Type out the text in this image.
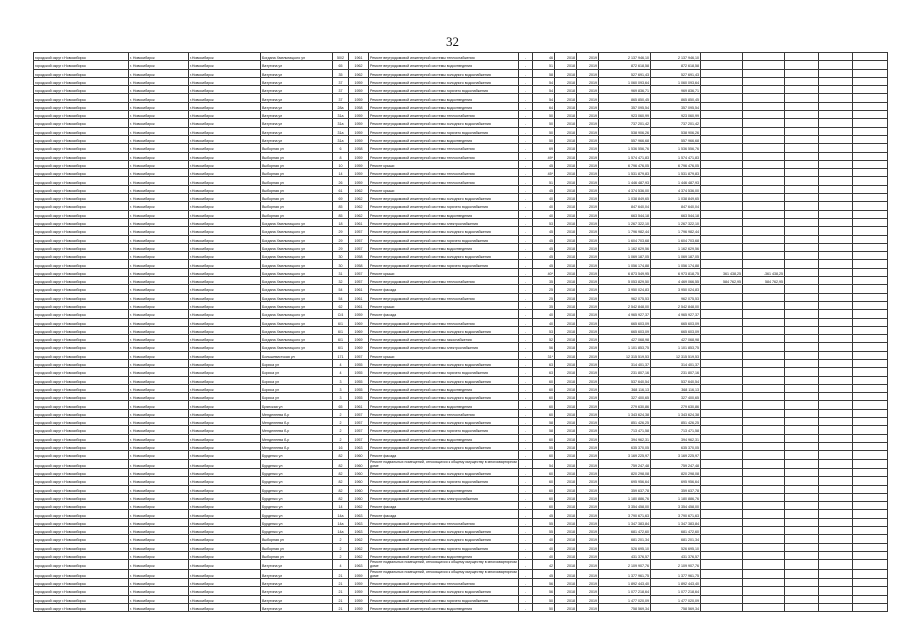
32
городской округ г.Новосибирск	г. Новосибирск	г.Новосибирск	Богдана Хмельницкого ул	50/2	1961	Ремонт внутридомовой инженерной системы теплоснабжения	-	46	2018	2019	2 137 946,10	2 137 946,10					
городской округ г.Новосибирск	г. Новосибирск	г.Новосибирск	Ватутина ул	65	1962	Ремонт внутридомовой инженерной системы водоотведения	-	51	2018	2019	872 618,58	872 618,58					
городской округ г.Новосибирск	г. Новосибирск	г.Новосибирск	Ватутина ул	35	1962	Ремонт внутридомовой инженерной системы холодного водоснабжения	-	58	2018	2019	527 691,43	527 691,43					
городской округ г.Новосибирск	г. Новосибирск	г.Новосибирск	Ватутина ул	37	1959	Ремонт внутридомовой инженерной системы холодного водоснабжения	-	54	2018	2019	1 060 093,64	1 060 093,64					
городской округ г.Новосибирск	г. Новосибирск	г.Новосибирск	Ватутина ул	37	1959	Ремонт внутридомовой инженерной системы горячего водоснабжения	-	54	2018	2019	969 836,71	969 836,71					
городской округ г.Новосибирск	г. Новосибирск	г.Новосибирск	Ватутина ул	37	1959	Ремонт внутридомовой инженерной системы водоотведения	-	54	2018	2019	865 850,45	865 850,45					
городской округ г.Новосибирск	г. Новосибирск	г.Новосибирск	Ватутина ул	28а	1958	Ремонт внутридомовой инженерной системы водоотведения	-	64	2018	2019	357 095,54	357 095,54					
городской округ г.Новосибирск	г. Новосибирск	г.Новосибирск	Ватутина ул	31а	1959	Ремонт внутридомовой инженерной системы теплоснабжения	-	50	2018	2019	923 060,99	923 060,99					
городской округ г.Новосибирск	г. Новосибирск	г.Новосибирск	Ватутина ул	31а	1959	Ремонт внутридомовой инженерной системы холодного водоснабжения	-	50	2018	2019	737 201,42	737 201,42					
городской округ г.Новосибирск	г. Новосибирск	г.Новосибирск	Ватутина ул	31а	1959	Ремонт внутридомовой инженерной системы горячего водоснабжения	-	50	2018	2019	538 906,26	538 906,26					
городской округ г.Новосибирск	г. Новосибирск	г.Новосибирск	Ватутина ул	31а	1959	Ремонт внутридомовой инженерной системы водоотведения	-	50	2018	2019	557 966,68	557 966,68					
городской округ г.Новосибирск	г. Новосибирск	г.Новосибирск	Выборная ул	6	1958	Ремонт внутридомовой инженерной системы теплоснабжения	-	69	2018	2019	1 536 556,76	1 536 556,76					
городской округ г.Новосибирск	г. Новосибирск	г.Новосибирск	Выборная ул	8	1959	Ремонт внутридомовой инженерной системы теплоснабжения	-	49*	2018	2019	1 574 471,83	1 574 471,83					
городской округ г.Новосибирск	г. Новосибирск	г.Новосибирск	Выборная ул	10	1959	Ремонт крыши	-	45	2018	2019	6 796 476,05	6 796 476,05					
городской округ г.Новосибирск	г. Новосибирск	г.Новосибирск	Выборная ул	14	1959	Ремонт внутридомовой инженерной системы теплоснабжения	-	45*	2018	2019	1 531 879,83	1 531 879,83					
городской округ г.Новосибирск	г. Новосибирск	г.Новосибирск	Выборная ул	26	1959	Ремонт внутридомовой инженерной системы теплоснабжения	-	51	2018	2019	1 446 487,93	1 446 487,93					
городской округ г.Новосибирск	г. Новосибирск	г.Новосибирск	Выборная ул	61	1962	Ремонт крыши	-	45	2018	2019	4 374 536,00	4 374 536,00					
городской округ г.Новосибирск	г. Новосибирск	г.Новосибирск	Выборная ул	69	1962	Ремонт внутридомовой инженерной системы холодного водоснабжения	-	40	2018	2019	1 038 849,65	1 038 849,65					
городской округ г.Новосибирск	г. Новосибирск	г.Новосибирск	Выборная ул	85	1962	Ремонт внутридомовой инженерной системы горячего водоснабжения	-	40	2018	2019	847 640,04	847 640,04					
городской округ г.Новосибирск	г. Новосибирск	г.Новосибирск	Выборная ул	85	1962	Ремонт внутридомовой инженерной системы водоотведения	-	40	2018	2019	663 544,18	663 544,18					
городской округ г.Новосибирск	г. Новосибирск	г.Новосибирск	Богдана Хмельницкого ул	18	1961	Ремонт внутридомовой инженерной системы электроснабжения	-	53	2018	2019	1 267 322,10	1 267 322,10					
городской округ г.Новосибирск	г. Новосибирск	г.Новосибирск	Богдана Хмельницкого ул	29	1957	Ремонт внутридомовой инженерной системы холодного водоснабжения	-	45	2018	2019	1 796 982,44	1 796 982,44					
городской округ г.Новосибирск	г. Новосибирск	г.Новосибирск	Богдана Хмельницкого ул	29	1957	Ремонт внутридомовой инженерной системы горячего водоснабжения	-	45	2018	2019	1 604 703,68	1 604 703,68					
городской округ г.Новосибирск	г. Новосибирск	г.Новосибирск	Богдана Хмельницкого ул	29	1957	Ремонт внутридомовой инженерной системы водоотведения	-	45	2018	2019	1 162 629,56	1 162 629,56					
городской округ г.Новосибирск	г. Новосибирск	г.Новосибирск	Богдана Хмельницкого ул	30	1958	Ремонт внутридомовой инженерной системы холодного водоснабжения	-	45	2018	2019	1 069 187,05	1 069 187,05					
городской округ г.Новосибирск	г. Новосибирск	г.Новосибирск	Богдана Хмельницкого ул	30	1958	Ремонт внутридомовой инженерной системы горячего водоснабжения	-	45	2018	2019	1 056 174,88	1 056 174,88					
городской округ г.Новосибирск	г. Новосибирск	г.Новосибирск	Богдана Хмельницкого ул	31	1957	Ремонт крыши	-	40*	2018	2019	6 873 549,95	6 973 818,75	361 438,25	-361 438,25			
городской округ г.Новосибирск	г. Новосибирск	г.Новосибирск	Богдана Хмельницкого ул	32	1957	Ремонт внутридомовой инженерной системы теплоснабжения	-	35	2018	2019	5 053 829,50	4 469 066,55	584 762,95	584 762,95			
городской округ г.Новосибирск	г. Новосибирск	г.Новосибирск	Богдана Хмельницкого ул	54	1961	Ремонт фасада	-	25	2018	2019	3 950 024,83	3 950 024,83					
городской округ г.Новосибирск	г. Новосибирск	г.Новосибирск	Богдана Хмельницкого ул	54	1961	Ремонт внутридомовой инженерной системы теплоснабжения	-	25	2018	2019	962 075,53	962 075,53					
городской округ г.Новосибирск	г. Новосибирск	г.Новосибирск	Богдана Хмельницкого ул	62	1961	Ремонт крыши	-	35	2018	2019	2 542 848,00	2 542 848,00					
городской округ г.Новосибирск	г. Новосибирск	г.Новосибирск	Богдана Хмельницкого ул	С/4	1959	Ремонт фасада	-	40	2018	2019	4 965 927,37	4 965 927,37					
городской округ г.Новосибирск	г. Новосибирск	г.Новосибирск	Богдана Хмельницкого ул	6/1	1969	Ремонт внутридомовой инженерной системы теплоснабжения	-	40	2018	2019	665 603,09	665 603,09					
городской округ г.Новосибирск	г. Новосибирск	г.Новосибирск	Богдана Хмельницкого ул	6/1	1969	Ремонт внутридомовой инженерной системы холодного водоснабжения	-	53	2018	2019	665 603,09	665 603,09					
городской округ г.Новосибирск	г. Новосибирск	г.Новосибирск	Богдана Хмельницкого ул	6/1	1969	Ремонт внутридомовой инженерной системы газоснабжения	-	52	2018	2019	427 068,98	427 068,98					
городской округ г.Новосибирск	г. Новосибирск	г.Новосибирск	Богдана Хмельницкого ул	6/1	1969	Ремонт внутридомовой инженерной системы электроснабжения	-	56	2018	2019	1 101 853,75	1 101 853,75					
городской округ г.Новосибирск	г. Новосибирск	г.Новосибирск	Большевистская ул	171	1957	Ремонт крыши	-	31*	2018	2019	12 315 519,53	12 315 519,53					
городской округ г.Новосибирск	г. Новосибирск	г.Новосибирск	Бориса ул	4	1955	Ремонт внутридомовой инженерной системы холодного водоснабжения	-	63	2018	2019	314 401,37	314 401,37					
городской округ г.Новосибирск	г. Новосибирск	г.Новосибирск	Бориса ул	4	1955	Ремонт внутридомовой инженерной системы горячего водоснабжения	-	63	2018	2019	231 807,16	231 807,16					
городской округ г.Новосибирск	г. Новосибирск	г.Новосибирск	Бориса ул	3	1955	Ремонт внутридомовой инженерной системы холодного водоснабжения	-	60	2018	2019	537 640,54	537 640,54					
городской округ г.Новосибирск	г. Новосибирск	г.Новосибирск	Бориса ул	3	1955	Ремонт внутридомовой инженерной системы водоотведения	-	60	2018	2019	368 116,13	368 116,13					
городской округ г.Новосибирск	г. Новосибирск	г.Новосибирск	Бориса ул	3	1955	Ремонт внутридомовой инженерной системы холодного водоснабжения	-	60	2018	2019	327 400,65	327 400,65					
городской округ г.Новосибирск	г. Новосибирск	г.Новосибирск	Брянская ул	65	1961	Ремонт внутридомовой инженерной системы водоотведения	-	60	2018	2019	279 630,86	279 630,86					
городской округ г.Новосибирск	г. Новосибирск	г.Новосибирск	Менделеева б-р	2	1957	Ремонт внутридомовой инженерной системы теплоснабжения	-	60	2018	2019	1 343 624,38	1 343 624,38					
городской округ г.Новосибирск	г. Новосибирск	г.Новосибирск	Менделеева б-р	2	1957	Ремонт внутридомовой инженерной системы холодного водоснабжения	-	58	2018	2019	851 426,25	851 426,25					
городской округ г.Новосибирск	г. Новосибирск	г.Новосибирск	Менделеева б-р	2	1957	Ремонт внутридомовой инженерной системы горячего водоснабжения	-	58	2018	2019	713 471,58	713 471,58					
городской округ г.Новосибирск	г. Новосибирск	г.Новосибирск	Менделеева б-р	2	1957	Ремонт внутридомовой инженерной системы водоотведения	-	60	2018	2019	394 962,31	394 962,31					
городской округ г.Новосибирск	г. Новосибирск	г.Новосибирск	Менделеева б-р	16	1963	Ремонт внутридомовой инженерной системы холодного водоснабжения	-	55	2018	2019	635 370,05	635 370,05					
городской округ г.Новосибирск	г. Новосибирск	г.Новосибирск	Бурденко ул	82	1960	Ремонт фасада	-	60	2018	2019	3 169 225,97	3 169 225,97					
городской округ г.Новосибирск	г. Новосибирск	г.Новосибирск	Бурденко ул	82	1960	Ремонт подвальных помещений, относящихся к общему имуществу в многоквартирном доме	-	54	2018	2019	759 247,48	759 247,48					
городской округ г.Новосибирск	г. Новосибирск	г.Новосибирск	Бурденко ул	82	1960	Ремонт внутридомовой инженерной системы холодного водоснабжения	-	60	2018	2019	820 298,08	820 298,08					
городской округ г.Новосибирск	г. Новосибирск	г.Новосибирск	Бурденко ул	82	1960	Ремонт внутридомовой инженерной системы горячего водоснабжения	-	60	2018	2019	695 956,64	695 956,64					
городской округ г.Новосибирск	г. Новосибирск	г.Новосибирск	Бурденко ул	82	1960	Ремонт внутридомовой инженерной системы водоотведения	-	60	2018	2019	359 637,78	359 637,78					
городской округ г.Новосибирск	г. Новосибирск	г.Новосибирск	Бурденко ул	82	1960	Ремонт внутридомовой инженерной системы электроснабжения	-	60	2018	2019	1 180 886,76	1 180 886,76					
городской округ г.Новосибирск	г. Новосибирск	г.Новосибирск	Бурденко ул	14	1962	Ремонт фасада	-	60	2018	2019	3 354 458,00	3 354 458,00					
городской округ г.Новосибирск	г. Новосибирск	г.Новосибирск	Бурденко ул	14а	1963	Ремонт фасада	-	45	2018	2019	3 790 671,63	3 790 671,63					
городской округ г.Новосибирск	г. Новосибирск	г.Новосибирск	Бурденко ул	14а	1963	Ремонт внутридомовой инженерной системы теплоснабжения	-	55	2018	2019	1 347 383,84	1 347 383,84					
городской округ г.Новосибирск	г. Новосибирск	г.Новосибирск	Бурденко ул	14а	1963	Ремонт внутридомовой инженерной системы холодного водоснабжения	-	55	2018	2019	681 472,60	681 472,60					
городской округ г.Новосибирск	г. Новосибирск	г.Новосибирск	Выборная ул	2	1962	Ремонт внутридомовой инженерной системы холодного водоснабжения	-	40	2018	2019	681 201,34	681 201,34					
городской округ г.Новосибирск	г. Новосибирск	г.Новосибирск	Выборная ул	2	1962	Ремонт внутридомовой инженерной системы горячего водоснабжения	-	40	2018	2019	526 695,10	526 695,10					
городской округ г.Новосибирск	г. Новосибирск	г.Новосибирск	Выборная ул	2	1962	Ремонт внутридомовой инженерной системы водоотведения	-	40	2018	2019	431 376,57	431 376,57					
городской округ г.Новосибирск	г. Новосибирск	г.Новосибирск	Ватутина ул	4	1963	Ремонт подвальных помещений, относящихся к общему имуществу в многоквартирном доме	-	42	2018	2019	2 109 907,76	2 109 907,76					
городской округ г.Новосибирск	г. Новосибирск	г.Новосибирск	Ватутина ул	21	1959	Ремонт подвальных помещений, относящихся к общему имуществу в многоквартирном доме	-	45	2018	2019	1 377 961,75	1 377 961,75					
городской округ г.Новосибирск	г. Новосибирск	г.Новосибирск	Ватутина ул	21	1959	Ремонт внутридомовой инженерной системы теплоснабжения	-	56	2018	2019	1 892 443,40	1 892 443,40					
городской округ г.Новосибирск	г. Новосибирск	г.Новосибирск	Ватутина ул	21	1959	Ремонт внутридомовой инженерной системы холодного водоснабжения	-	56	2018	2019	1 077 218,64	1 077 218,64					
городской округ г.Новосибирск	г. Новосибирск	г.Новосибирск	Ватутина ул	21	1959	Ремонт внутридомовой инженерной системы горячего водоснабжения	-	50	2018	2019	1 477 020,09	1 477 020,09					
городской округ г.Новосибирск	г. Новосибирск	г.Новосибирск	Ватутина ул	21	1959	Ремонт внутридомовой инженерной системы водоотведения	-	50	2018	2019	758 569,34	758 569,34					
